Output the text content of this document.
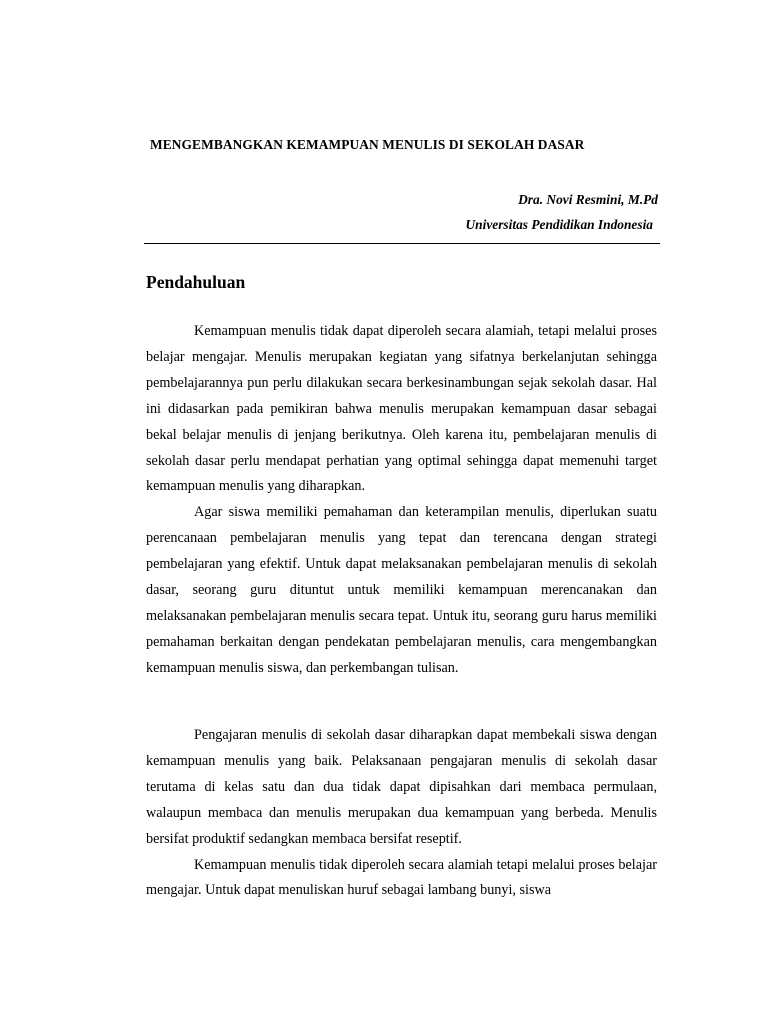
MENGEMBANGKAN KEMAMPUAN MENULIS DI SEKOLAH DASAR
Dra. Novi Resmini, M.Pd
Universitas Pendidikan Indonesia
Pendahuluan

Kemampuan menulis tidak dapat diperoleh secara alamiah, tetapi melalui proses belajar mengajar. Menulis merupakan kegiatan yang sifatnya berkelanjutan sehingga pembelajarannya pun perlu dilakukan secara berkesinambungan sejak sekolah dasar. Hal ini didasarkan pada pemikiran bahwa menulis merupakan kemampuan dasar sebagai bekal belajar menulis di jenjang berikutnya. Oleh karena itu, pembelajaran menulis di sekolah dasar perlu mendapat perhatian yang optimal sehingga dapat memenuhi target kemampuan menulis yang diharapkan.

Agar siswa memiliki pemahaman dan keterampilan menulis, diperlukan suatu perencanaan pembelajaran menulis yang tepat dan terencana dengan strategi pembelajaran yang efektif. Untuk dapat melaksanakan pembelajaran menulis di sekolah dasar, seorang guru dituntut untuk memiliki kemampuan merencanakan dan melaksanakan pembelajaran menulis secara tepat. Untuk itu, seorang guru harus memiliki pemahaman berkaitan dengan pendekatan pembelajaran menulis, cara mengembangkan kemampuan menulis siswa, dan perkembangan tulisan.

Pengajaran menulis di sekolah dasar diharapkan dapat membekali siswa dengan kemampuan menulis yang baik. Pelaksanaan pengajaran menulis di sekolah dasar terutama di kelas satu dan dua tidak dapat dipisahkan dari membaca permulaan, walaupun membaca dan menulis merupakan dua kemampuan yang berbeda. Menulis bersifat produktif sedangkan membaca bersifat reseptif.

Kemampuan menulis tidak diperoleh secara alamiah tetapi melalui proses belajar mengajar. Untuk dapat menuliskan huruf sebagai lambang bunyi, siswa
